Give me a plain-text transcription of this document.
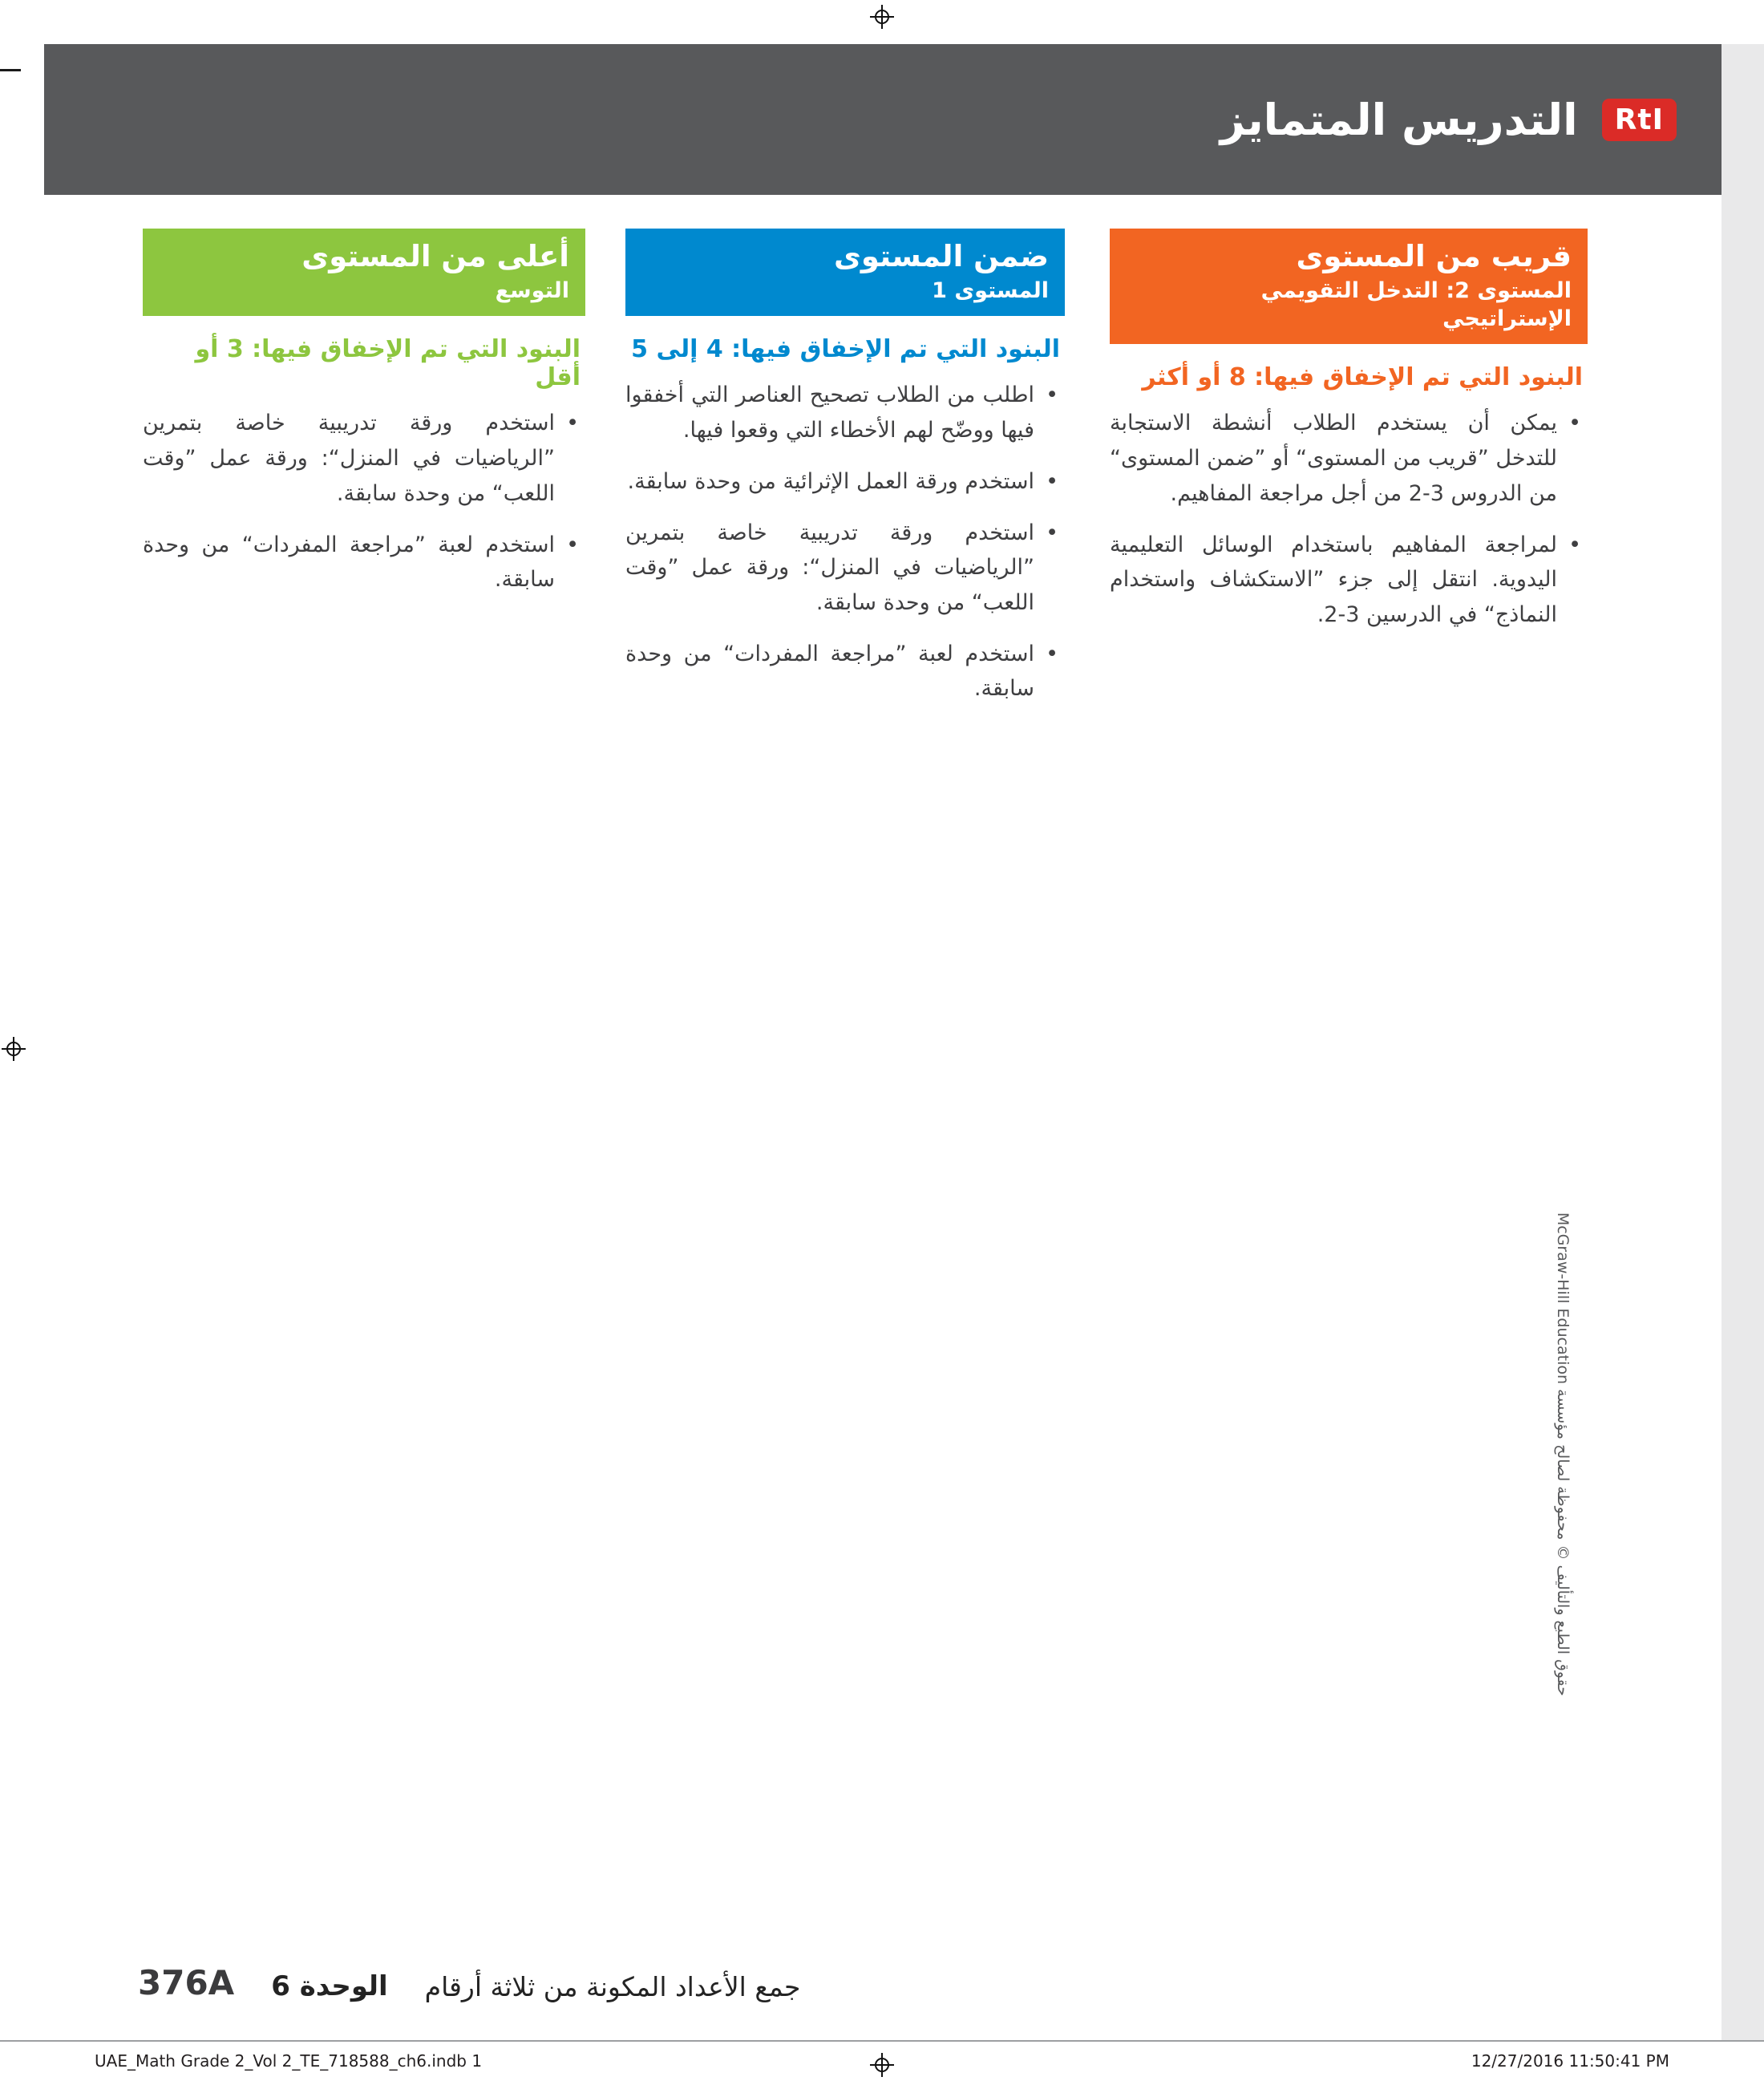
التدريس المتمايز	RtI
قريب من المستوى
المستوى 2: التدخل التقويمي الإستراتيجي
البنود التي تم الإخفاق فيها: 8 أو أكثر
• يمكن أن يستخدم الطلاب أنشطة الاستجابة للتدخل ”قريب من المستوى“ أو ”ضمن المستوى“ من الدروس 3-2 من أجل مراجعة المفاهيم.
• لمراجعة المفاهيم باستخدام الوسائل التعليمية اليدوية. انتقل إلى جزء ”الاستكشاف واستخدام النماذج“ في الدرسين 3-2.
ضمن المستوى
المستوى 1
البنود التي تم الإخفاق فيها: 4 إلى 5
• اطلب من الطلاب تصحيح العناصر التي أخفقوا فيها ووضّح لهم الأخطاء التي وقعوا فيها.
• استخدم ورقة العمل الإثرائية من وحدة سابقة.
• استخدم ورقة تدريبية خاصة بتمرين ”الرياضيات في المنزل“: ورقة عمل ”وقت اللعب“ من وحدة سابقة.
• استخدم لعبة ”مراجعة المفردات“ من وحدة سابقة.
أعلى من المستوى
التوسع
البنود التي تم الإخفاق فيها: 3 أو أقل
• استخدم ورقة تدريبية خاصة بتمرين ”الرياضيات في المنزل“: ورقة عمل ”وقت اللعب“ من وحدة سابقة.
• استخدم لعبة ”مراجعة المفردات“ من وحدة سابقة.
حقوق الطبع والتأليف © محفوظة لصالح مؤسسة McGraw-Hill Education
376A الوحدة 6 جمع الأعداد المكونة من ثلاثة أرقام
UAE_Math Grade 2_Vol 2_TE_718588_ch6.indb 1	12/27/2016 11:50:41 PM
